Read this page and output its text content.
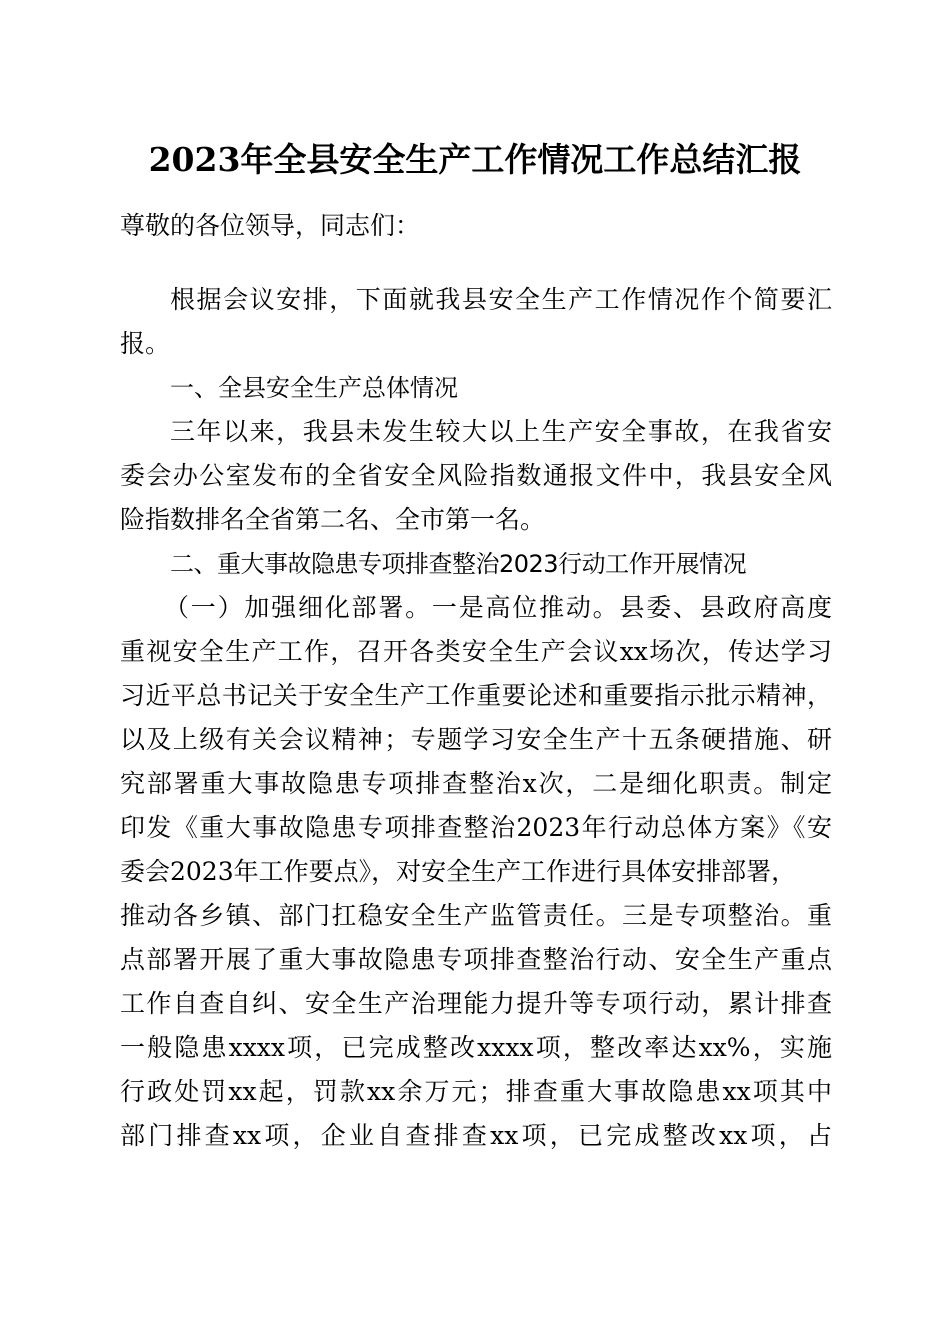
2023年全县安全生产工作情况工作总结汇报
尊敬的各位领导，同志们：
根据会议安排，下面就我县安全生产工作情况作个简要汇
报。
一、全县安全生产总体情况
三年以来，我县未发生较大以上生产安全事故，在我省安
委会办公室发布的全省安全风险指数通报文件中，我县安全风
险指数排名全省第二名、全市第一名。
二、重大事故隐患专项排查整治2023行动工作开展情况
（一）加强细化部署。一是高位推动。县委、县政府高度
重视安全生产工作，召开各类安全生产会议xx场次，传达学习
习近平总书记关于安全生产工作重要论述和重要指示批示精神，
以及上级有关会议精神；专题学习安全生产十五条硬措施、研
究部署重大事故隐患专项排查整治x次，二是细化职责。制定
印发《重大事故隐患专项排查整治2023年行动总体方案》《安
委会2023年工作要点》，对安全生产工作进行具体安排部署，
推动各乡镇、部门扛稳安全生产监管责任。三是专项整治。重
点部署开展了重大事故隐患专项排查整治行动、安全生产重点
工作自查自纠、安全生产治理能力提升等专项行动，累计排查
一般隐患xxxx项，已完成整改xxxx项，整改率达xx%，实施
行政处罚xx起，罚款xx余万元；排查重大事故隐患xx项其中
部门排查xx项，企业自查排查xx项，已完成整改xx项，占
